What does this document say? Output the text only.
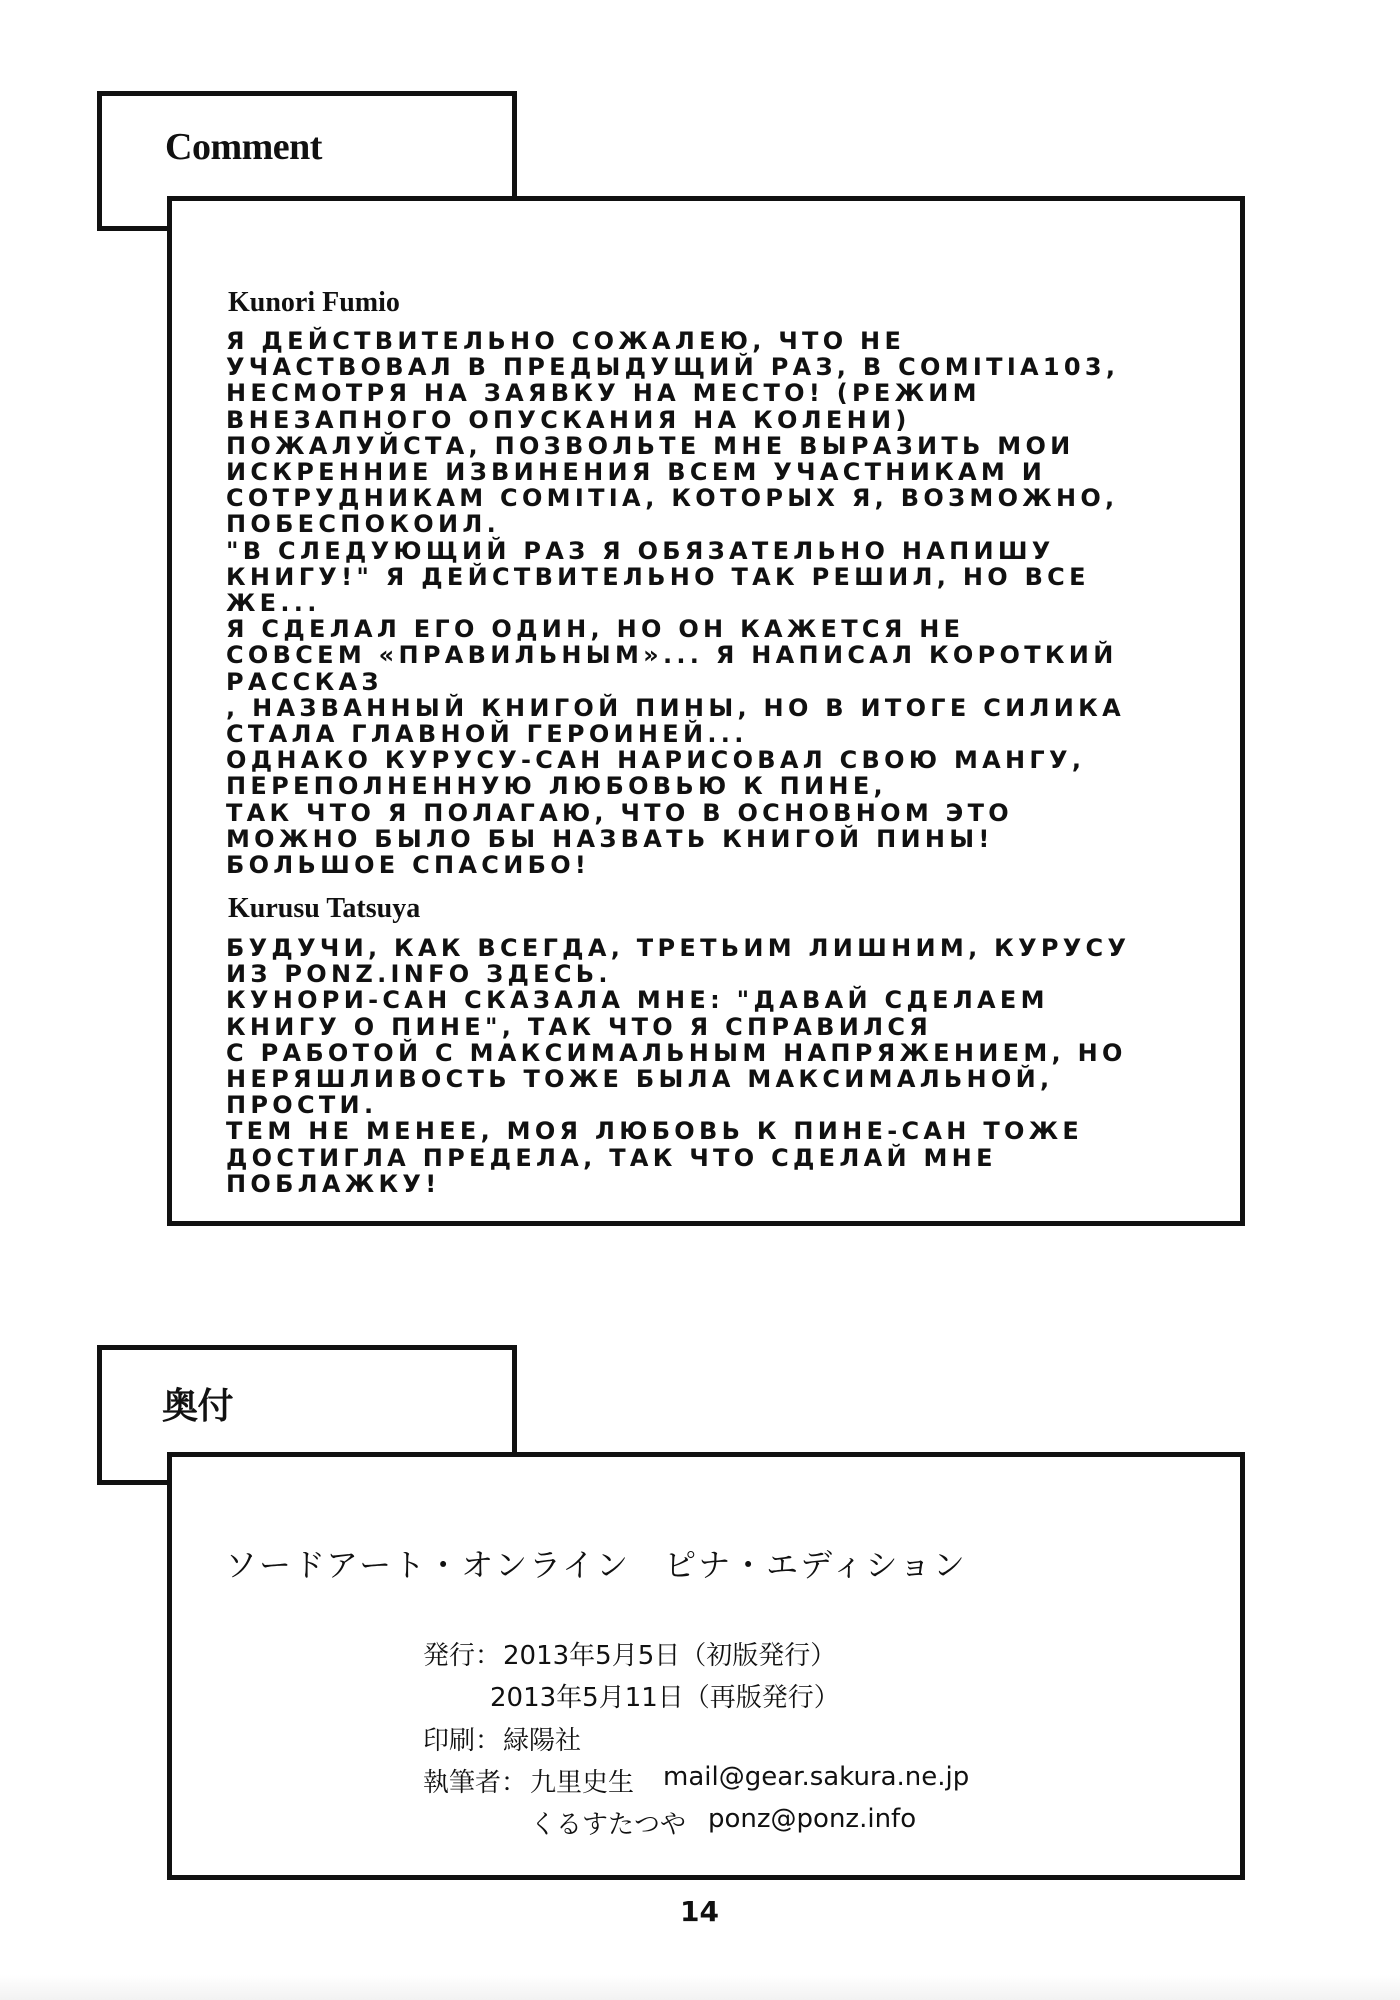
Comment
Kunori Fumio
Я ДЕЙСТВИТЕЛЬНО СОЖАЛЕЮ, ЧТО НЕ
УЧАСТВОВАЛ В ПРЕДЫДУЩИЙ РАЗ, В COMITIA103,
НЕСМОТРЯ НА ЗАЯВКУ НА МЕСТО! (РЕЖИМ
ВНЕЗАПНОГО ОПУСКАНИЯ НА КОЛЕНИ)
ПОЖАЛУЙСТА, ПОЗВОЛЬТЕ МНЕ ВЫРАЗИТЬ МОИ
ИСКРЕННИЕ ИЗВИНЕНИЯ ВСЕМ УЧАСТНИКАМ И
СОТРУДНИКАМ COMITIA, КОТОРЫХ Я, ВОЗМОЖНО,
ПОБЕСПОКОИЛ.
"В СЛЕДУЮЩИЙ РАЗ Я ОБЯЗАТЕЛЬНО НАПИШУ
КНИГУ!" Я ДЕЙСТВИТЕЛЬНО ТАК РЕШИЛ, НО ВСЕ
ЖЕ...
Я СДЕЛАЛ ЕГО ОДИН, НО ОН КАЖЕТСЯ НЕ
СОВСЕМ «ПРАВИЛЬНЫМ»... Я НАПИСАЛ КОРОТКИЙ
РАССКАЗ
, НАЗВАННЫЙ КНИГОЙ ПИНЫ, НО В ИТОГЕ СИЛИКА
СТАЛА ГЛАВНОЙ ГЕРОИНЕЙ...
ОДНАКО КУРУСУ-САН НАРИСОВАЛ СВОЮ МАНГУ,
ПЕРЕПОЛНЕННУЮ ЛЮБОВЬЮ К ПИНЕ,
ТАК ЧТО Я ПОЛАГАЮ, ЧТО В ОСНОВНОМ ЭТО
МОЖНО БЫЛО БЫ НАЗВАТЬ КНИГОЙ ПИНЫ!
БОЛЬШОЕ СПАСИБО!
Kurusu Tatsuya
БУДУЧИ, КАК ВСЕГДА, ТРЕТЬИМ ЛИШНИМ, КУРУСУ
ИЗ PONZ.INFO ЗДЕСЬ.
КУНОРИ-САН СКАЗАЛА МНЕ: "ДАВАЙ СДЕЛАЕМ
КНИГУ О ПИНЕ", ТАК ЧТО Я СПРАВИЛСЯ
С РАБОТОЙ С МАКСИМАЛЬНЫМ НАПРЯЖЕНИЕМ, НО
НЕРЯШЛИВОСТЬ ТОЖЕ БЫЛА МАКСИМАЛЬНОЙ,
ПРОСТИ.
ТЕМ НЕ МЕНЕЕ, МОЯ ЛЮБОВЬ К ПИНЕ-САН ТОЖЕ
ДОСТИГЛА ПРЕДЕЛА, ТАК ЧТО СДЕЛАЙ МНЕ
ПОБЛАЖКУ!
奥付
ソードアート・オンライン　ピナ・エディション
発行： 2013年5月5日（初版発行）
2013年5月11日（再版発行）
印刷： 緑陽社
執筆者： 九里史生 mail@gear.sakura.ne.jp
くるすたつや ponz@ponz.info
14
